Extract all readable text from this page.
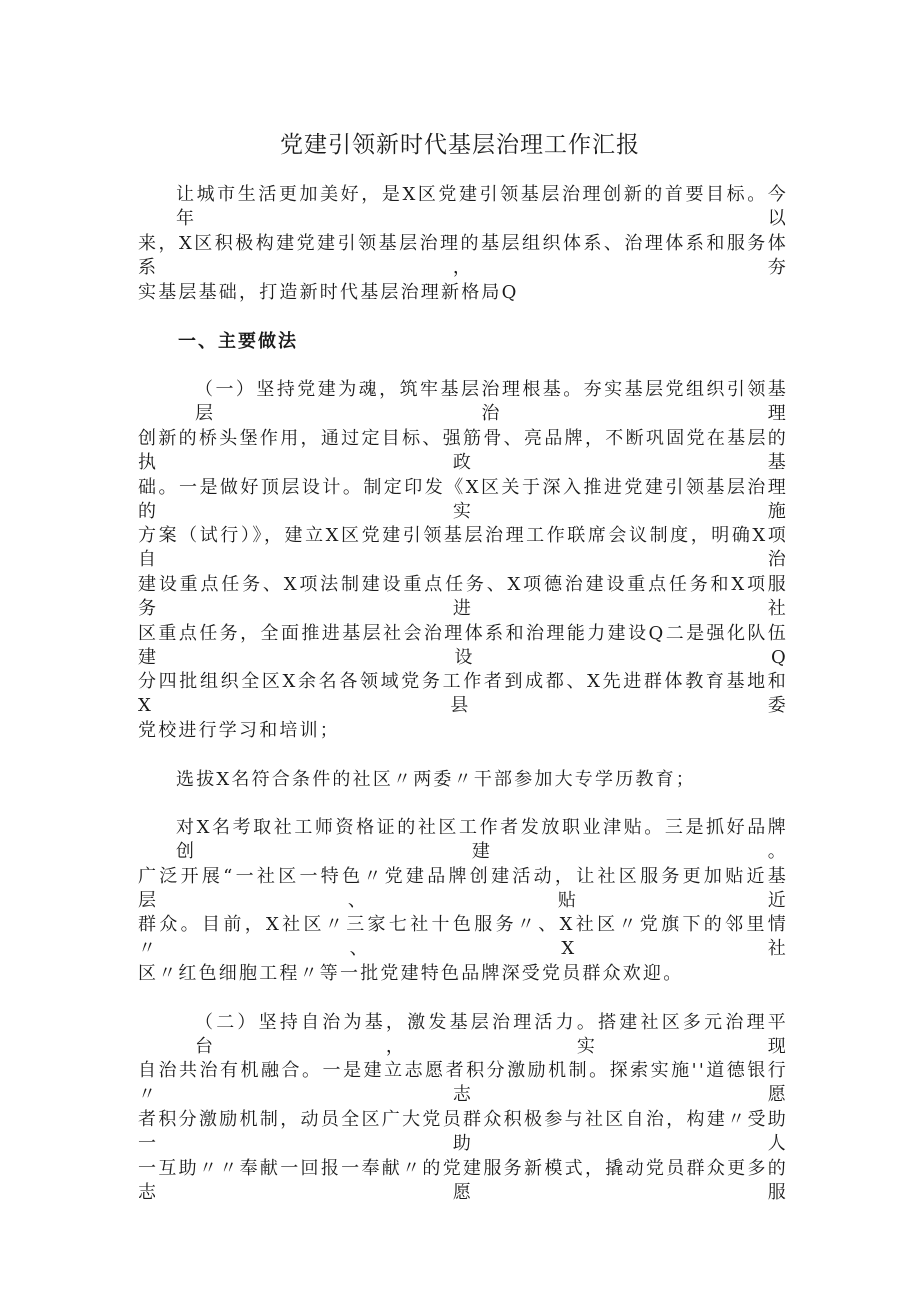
党建引领新时代基层治理工作汇报
让城市生活更加美好，是X区党建引领基层治理创新的首要目标。今年以
来，X区积极构建党建引领基层治理的基层组织体系、治理体系和服务体系，夯
实基层基础，打造新时代基层治理新格局Q
一、主要做法
（一）坚持党建为魂，筑牢基层治理根基。夯实基层党组织引领基层治理
创新的桥头堡作用，通过定目标、强筋骨、亮品牌，不断巩固党在基层的执政基
础。一是做好顶层设计。制定印发《X区关于深入推进党建引领基层治理的实施
方案（试行）》，建立X区党建引领基层治理工作联席会议制度，明确X项自治
建设重点任务、X项法制建设重点任务、X项德治建设重点任务和X项服务进社
区重点任务，全面推进基层社会治理体系和治理能力建设Q二是强化队伍建设Q
分四批组织全区X余名各领域党务工作者到成都、X先进群体教育基地和X县委
党校进行学习和培训；
选拔X名符合条件的社区〃两委〃干部参加大专学历教育；
对X名考取社工师资格证的社区工作者发放职业津贴。三是抓好品牌创建。
广泛开展“一社区一特色〃党建品牌创建活动，让社区服务更加贴近基层、贴近
群众。目前，X社区〃三家七社十色服务〃、X社区〃党旗下的邻里情〃、X社
区〃红色细胞工程〃等一批党建特色品牌深受党员群众欢迎。
（二）坚持自治为基，激发基层治理活力。搭建社区多元治理平台，实现
自治共治有机融合。一是建立志愿者积分激励机制。探索实施''道德银行〃志愿
者积分激励机制，动员全区广大党员群众积极参与社区自治，构建〃受助一助人
一互助〃〃奉献一回报一奉献〃的党建服务新模式，撬动党员群众更多的志愿服
